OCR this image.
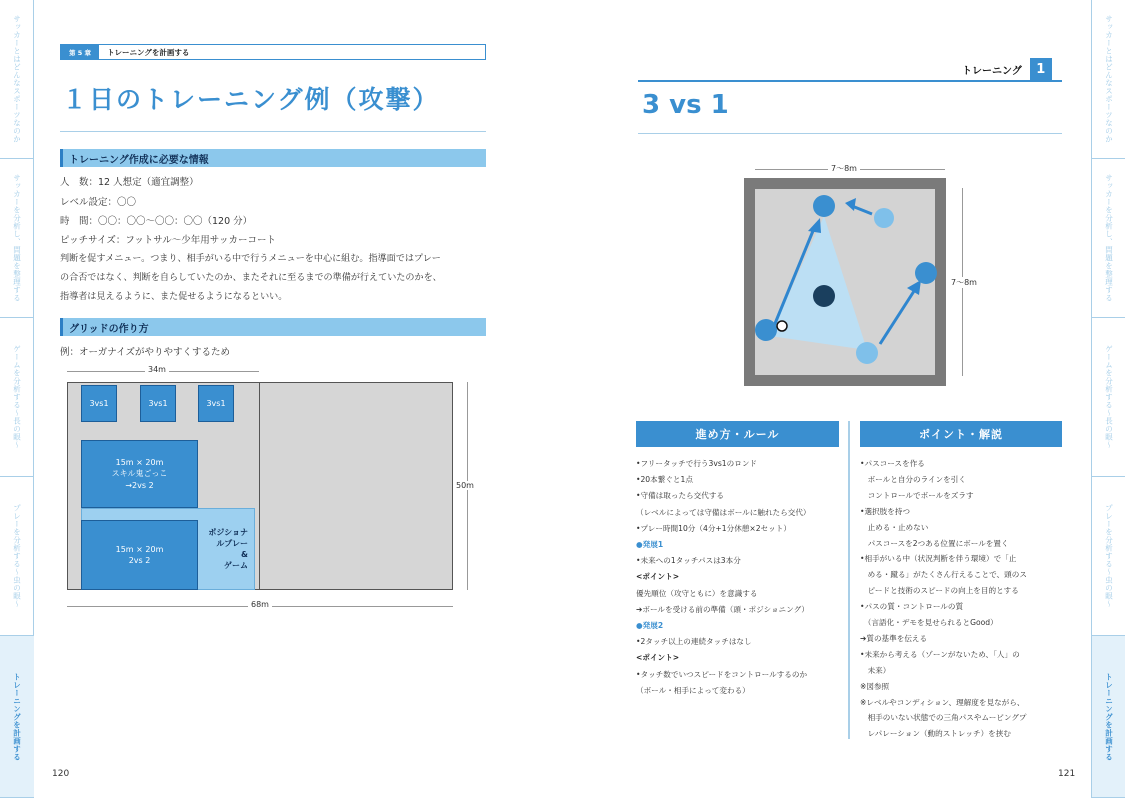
サッカーとはどんなスポーツなのか
サッカーを分析し、問題を整理する
ゲームを分析する〜長の眼〜
プレーを分析する〜虫の眼〜
トレーニングを計画する
サッカーとはどんなスポーツなのか
サッカーを分析し、問題を整理する
ゲームを分析する〜長の眼〜
プレーを分析する〜虫の眼〜
トレーニングを計画する
第 5 章	トレーニングを計画する
１日のトレーニング例（攻撃）
トレーニング作成に必要な情報
人　数：12 人想定（適宜調整）
レベル設定：〇〇
時　間：〇〇：〇〇〜〇〇：〇〇（120 分）
ピッチサイズ：フットサル〜少年用サッカーコート
判断を促すメニュー。つまり、相手がいる中で行うメニューを中心に組む。指導面ではプレー
の合否ではなく、判断を自らしていたのか、またそれに至るまでの準備が行えていたのかを、
指導者は見えるように、また促せるようになるといい。
グリッドの作り方
例：オーガナイズがやりやすくするため
34m
3vs1	3vs1	3vs1
15m × 20m
スキル鬼ごっこ
→2vs 2
ポジショナ
ルプレー
&
ゲーム
15m × 20m
2vs 2
50m
68m
120
トレーニング	1
3 vs 1
7〜8m
7〜8m
進め方・ルール	ポイント・解説
•フリータッチで行う3vs1のロンド
•20本繋ぐと1点
•守備は取ったら交代する
（レベルによっては守備はボールに触れたら交代）
•プレー時間10分（4分+1分休憩×2セット）
●発展1
•未来への1タッチパスは3本分
<ポイント>
優先順位（攻守ともに）を意識する
➔ボールを受ける前の準備（頭・ポジショニング）
●発展2
•2タッチ以上の連続タッチはなし
<ポイント>
•タッチ数でいつスピードをコントロールするのか
（ボール・相手によって変わる）
•パスコースを作る
　ボールと自分のラインを引く
　コントロールでボールをズラす
•選択肢を持つ
　止める・止めない
　パスコースを2つある位置にボールを置く
•相手がいる中（状況判断を伴う環境）で「止
　める・蹴る」がたくさん行えることで、頭のス
　ピードと技術のスピードの向上を目的とする
•パスの質・コントロールの質
　（言語化・デモを見せられるとGood）
➔質の基準を伝える
•未来から考える（ゾーンがないため、「人」の
　未来）
※図参照
※レベルやコンディション、理解度を見ながら、
　相手のいない状態での三角パスやムービングプ
　レパレーション（動的ストレッチ）を挟む
121
